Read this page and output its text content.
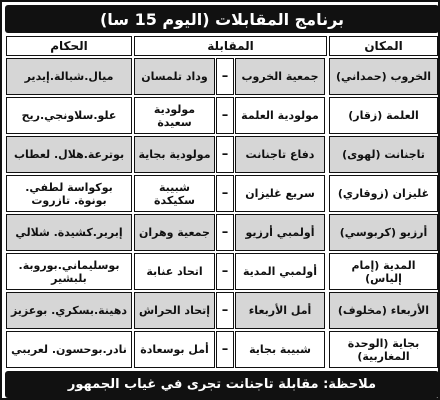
برنامج المقابلات (اليوم 15 سا)
المكان
المقابلة
الحكام
الخروب (حمداني)
جمعية الخروب
–
وداد تلمسان
ميال.شبالة.إيدير
العلمة (زقار)
مولودية العلمة
–
مولودية سعيدة
علو.سلاونجي.ريح
تاجنانت (لهوى)
دفاع تاجنانت
–
مولودية بجاية
بوترعة.هلال. لعطاب
غليزان (زوقاري)
سريع غليزان
–
شبيبة سكيكدة
بوكواسة لطفي. بونوة. تازروت
أرزيو (كربوسي)
أولمبي أرزيو
–
جمعية وهران
إبرير.كشيدة. شلالي
المدية (إمام إلياس)
أولمبي المدية
–
اتحاد عنابة
بوسليماني.بوروبة. بلبشير
الأربعاء (مخلوف)
أمل الأربعاء
–
إتحاد الحراش
دهينة.بسكري. بوعزيز
بجاية (الوحدة المغاربية)
شبيبة بجاية
–
أمل بوسعادة
نادر.بوحسون. لعريبي
ملاحظة: مقابلة تاجنانت تجرى في غياب الجمهور
